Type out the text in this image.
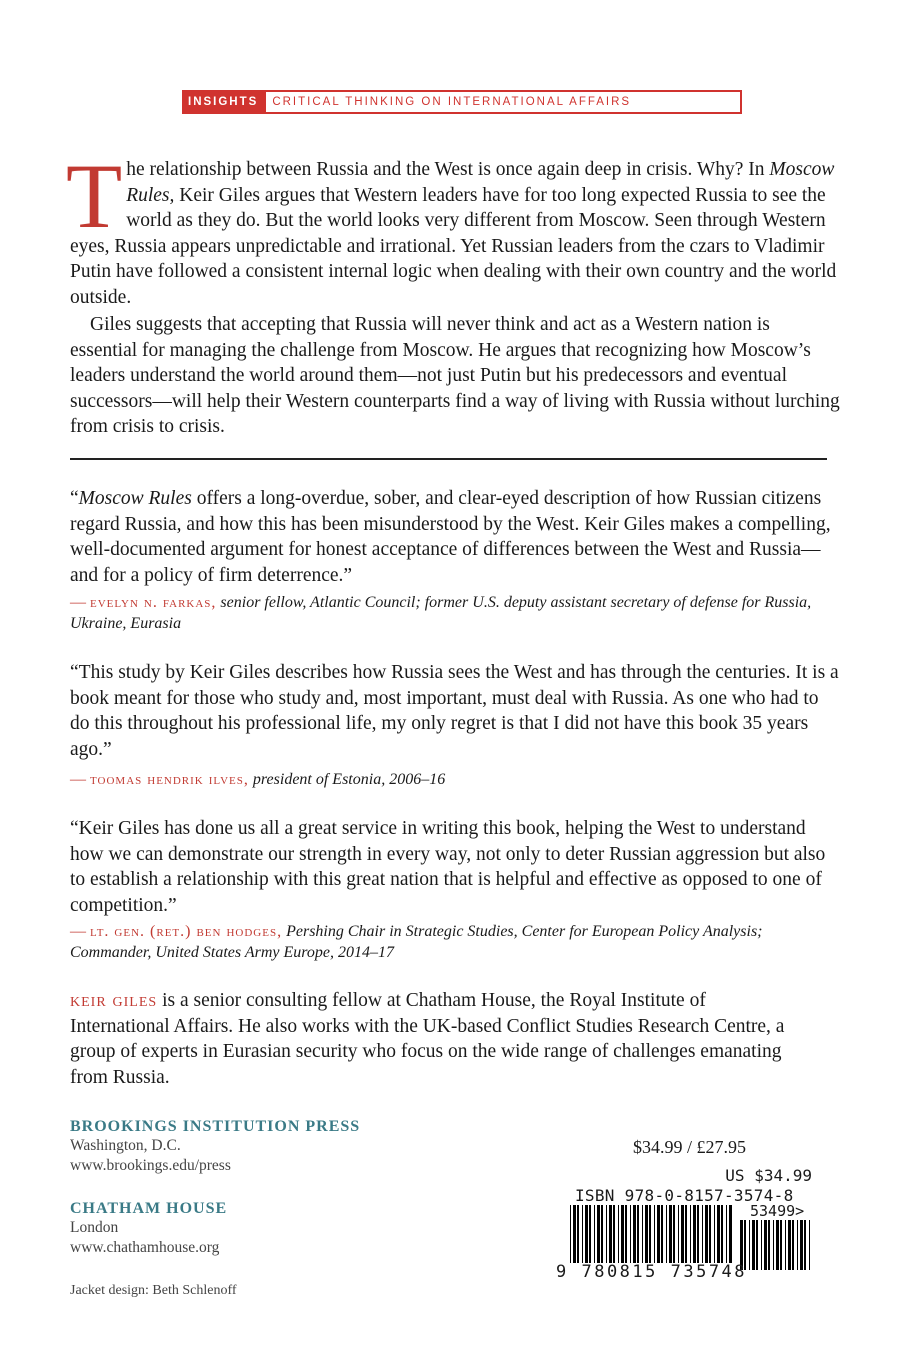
INSIGHTS	CRITICAL THINKING ON INTERNATIONAL AFFAIRS
The relationship between Russia and the West is once again deep in crisis. Why? In Moscow Rules, Keir Giles argues that Western leaders have for too long expected Russia to see the world as they do. But the world looks very different from Moscow. Seen through Western eyes, Russia appears unpredictable and irrational. Yet Russian leaders from the czars to Vladimir Putin have followed a consistent internal logic when dealing with their own country and the world outside.
Giles suggests that accepting that Russia will never think and act as a Western nation is essential for managing the challenge from Moscow. He argues that recognizing how Moscow’s leaders understand the world around them—not just Putin but his predecessors and eventual successors—will help their Western counterparts find a way of living with Russia without lurching from crisis to crisis.
“Moscow Rules offers a long-overdue, sober, and clear-eyed description of how Russian citizens regard Russia, and how this has been misunderstood by the West. Keir Giles makes a compelling, well-documented argument for honest acceptance of differences between the West and Russia—and for a policy of firm deterrence.”
— evelyn n. farkas, senior fellow, Atlantic Council; former U.S. deputy assistant secretary of defense for Russia, Ukraine, Eurasia
“This study by Keir Giles describes how Russia sees the West and has through the centuries. It is a book meant for those who study and, most important, must deal with Russia. As one who had to do this throughout his professional life, my only regret is that I did not have this book 35 years ago.”
— toomas hendrik ilves, president of Estonia, 2006–16
“Keir Giles has done us all a great service in writing this book, helping the West to understand how we can demonstrate our strength in every way, not only to deter Russian aggression but also to establish a relationship with this great nation that is helpful and effective as opposed to one of competition.”
— lt. gen. (ret.) ben hodges, Pershing Chair in Strategic Studies, Center for European Policy Analysis; Commander, United States Army Europe, 2014–17
keir giles is a senior consulting fellow at Chatham House, the Royal Institute of International Affairs. He also works with the UK-based Conflict Studies Research Centre, a group of experts in Eurasian security who focus on the wide range of challenges emanating from Russia.
BROOKINGS INSTITUTION PRESS
Washington, D.C.
www.brookings.edu/press
CHATHAM HOUSE
London
www.chathamhouse.org
Jacket design: Beth Schlenoff
$34.99 / £27.95
US $34.99
ISBN 978-0-8157-3574-8
53499>
9 780815 735748
